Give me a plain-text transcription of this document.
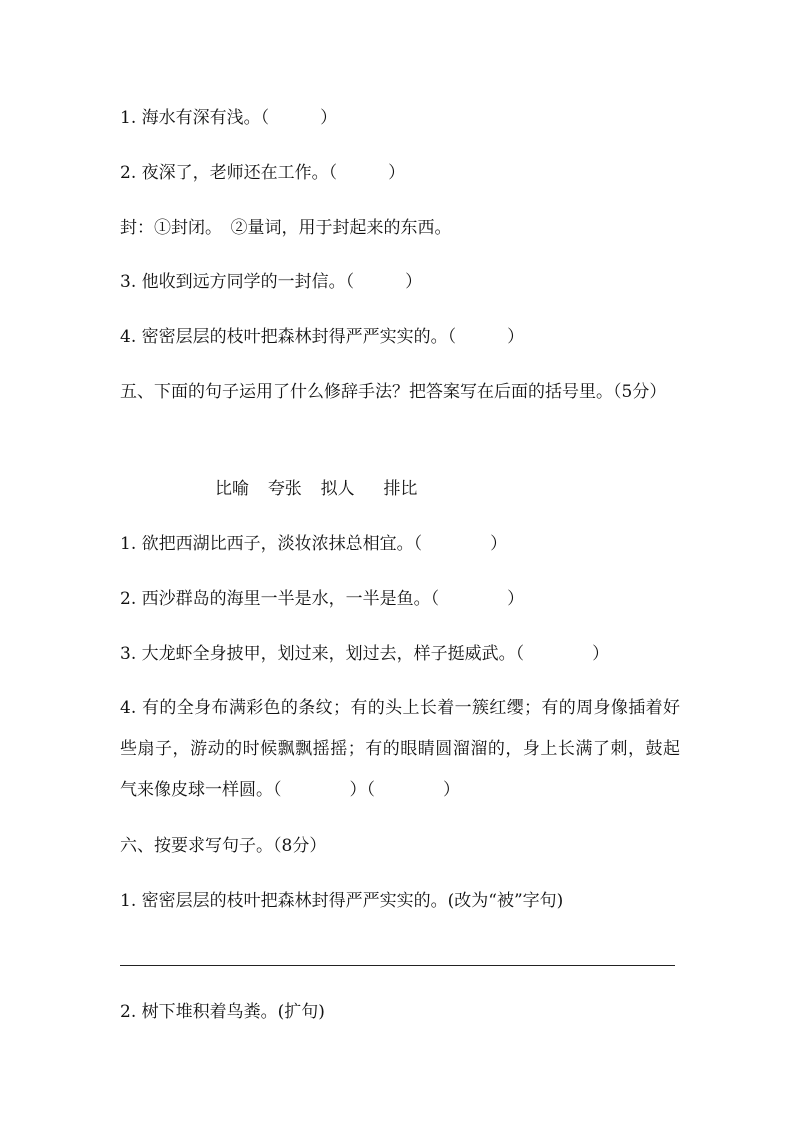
1. 海水有深有浅。（　　　）
2. 夜深了，老师还在工作。（　　　）
封：①封闭。　②量词，用于封起来的东西。
3. 他收到远方同学的一封信。（　　　）
4. 密密层层的枝叶把森林封得严严实实的。（　　　）
五、下面的句子运用了什么修辞手法？把答案写在后面的括号里。（5分）
比喻 夸张 拟人 排比
1. 欲把西湖比西子，淡妆浓抹总相宜。（　　　　）
2. 西沙群岛的海里一半是水，一半是鱼。（　　　　）
3. 大龙虾全身披甲，划过来，划过去，样子挺威武。（　　　　）
4. 有的全身布满彩色的条纹；有的头上长着一簇红缨；有的周身像插着好些扇子，游动的时候飘飘摇摇；有的眼睛圆溜溜的，身上长满了刺，鼓起气来像皮球一样圆。（　　　　）（　　　　）
六、按要求写句子。（8分）
1. 密密层层的枝叶把森林封得严严实实的。(改为“被”字句)
2. 树下堆积着鸟粪。(扩句)
